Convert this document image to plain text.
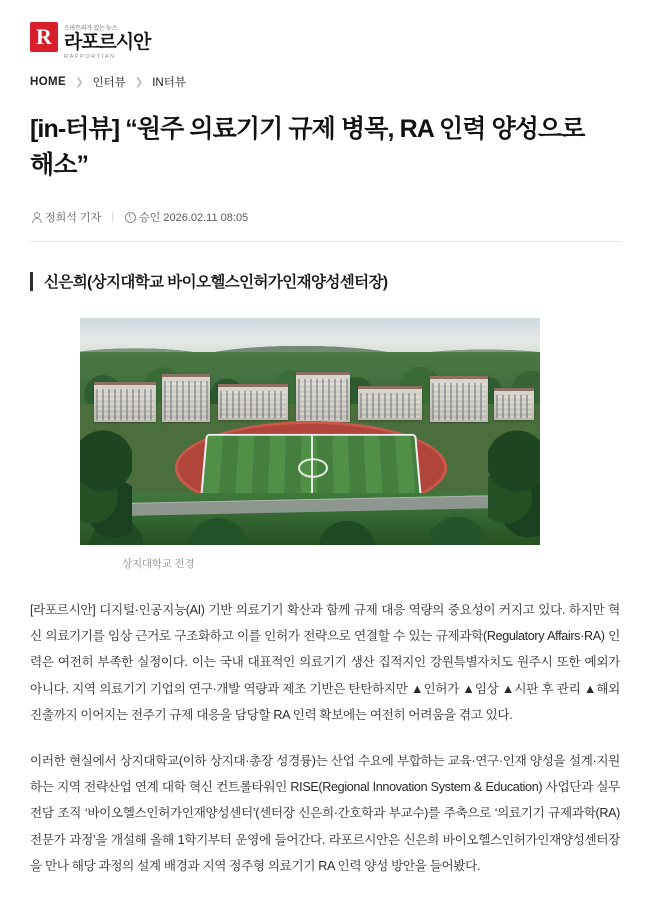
R	스마트리가 있는 뉴스
라포르시안
RAPPORTIAN
HOME ❯ 인터뷰 ❯ IN터뷰
[in-터뷰] “원주 의료기기 규제 병목, RA 인력 양성으로 해소”
정희석 기자 | 승인 2026.02.11 08:05
신은희(상지대학교 바이오헬스인허가인재양성센터장)
상지대학교 전경

[라포르시안] 디지털·인공지능(AI) 기반 의료기기 확산과 함께 규제 대응 역량의 중요성이 커지고 있다. 하지만 혁신 의료기기를 임상 근거로 구조화하고 이를 인허가 전략으로 연결할 수 있는 규제과학(Regulatory Affairs·RA) 인력은 여전히 부족한 실정이다. 이는 국내 대표적인 의료기기 생산 집적지인 강원특별자치도 원주시 또한 예외가 아니다. 지역 의료기기 기업의 연구·개발 역량과 제조 기반은 탄탄하지만 ▲인허가 ▲임상 ▲시판 후 관리 ▲해외 진출까지 이어지는 전주기 규제 대응을 담당할 RA 인력 확보에는 여전히 어려움을 겪고 있다.

이러한 현실에서 상지대학교(이하 상지대·총장 성경륭)는 산업 수요에 부합하는 교육·연구·인재 양성을 설계·지원하는 지역 전략산업 연계 대학 혁신 컨트롤타워인 RISE(Regional Innovation System & Education) 사업단과 실무 전담 조직 ‘바이오헬스인허가인재양성센터’(센터장 신은희·간호학과 부교수)를 주축으로 ‘의료기기 규제과학(RA) 전문가 과정’을 개설해 올해 1학기부터 운영에 들어간다. 라포르시안은 신은희 바이오헬스인허가인재양성센터장을 만나 해당 과정의 설계 배경과 지역 정주형 의료기기 RA 인력 양성 방안을 들어봤다.
